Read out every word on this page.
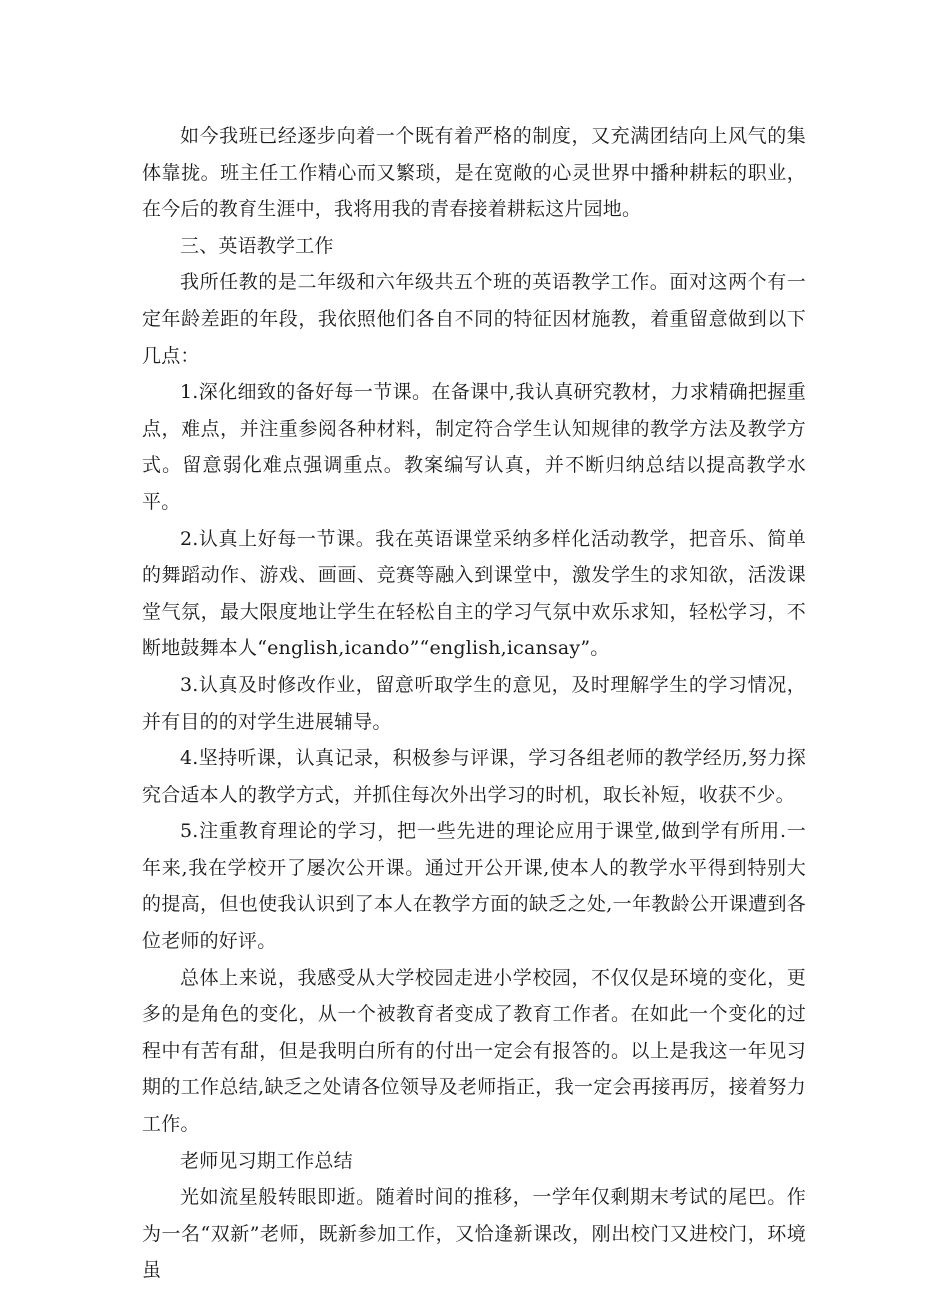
如今我班已经逐步向着一个既有着严格的制度，又充满团结向上风气的集体靠拢。班主任工作精心而又繁琐，是在宽敞的心灵世界中播种耕耘的职业，在今后的教育生涯中，我将用我的青春接着耕耘这片园地。

三、英语教学工作

我所任教的是二年级和六年级共五个班的英语教学工作。面对这两个有一定年龄差距的年段，我依照他们各自不同的特征因材施教，着重留意做到以下几点：

1.深化细致的备好每一节课。在备课中,我认真研究教材，力求精确把握重点，难点，并注重参阅各种材料，制定符合学生认知规律的教学方法及教学方式。留意弱化难点强调重点。教案编写认真，并不断归纳总结以提高教学水平。

2.认真上好每一节课。我在英语课堂采纳多样化活动教学，把音乐、简单的舞蹈动作、游戏、画画、竞赛等融入到课堂中，激发学生的求知欲，活泼课堂气氛，最大限度地让学生在轻松自主的学习气氛中欢乐求知，轻松学习，不断地鼓舞本人“english,icando”“english,icansay”。

3.认真及时修改作业，留意听取学生的意见，及时理解学生的学习情况，并有目的的对学生进展辅导。

4.坚持听课，认真记录，积极参与评课，学习各组老师的教学经历,努力探究合适本人的教学方式，并抓住每次外出学习的时机，取长补短，收获不少。

5.注重教育理论的学习，把一些先进的理论应用于课堂,做到学有所用.一年来,我在学校开了屡次公开课。通过开公开课,使本人的教学水平得到特别大的提高，但也使我认识到了本人在教学方面的缺乏之处,一年教龄公开课遭到各位老师的好评。

总体上来说，我感受从大学校园走进小学校园，不仅仅是环境的变化，更多的是角色的变化，从一个被教育者变成了教育工作者。在如此一个变化的过程中有苦有甜，但是我明白所有的付出一定会有报答的。以上是我这一年见习期的工作总结,缺乏之处请各位领导及老师指正，我一定会再接再厉，接着努力工作。

老师见习期工作总结

光如流星般转眼即逝。随着时间的推移，一学年仅剩期末考试的尾巴。作为一名“双新”老师，既新参加工作，又恰逢新课改，刚出校门又进校门，环境虽
